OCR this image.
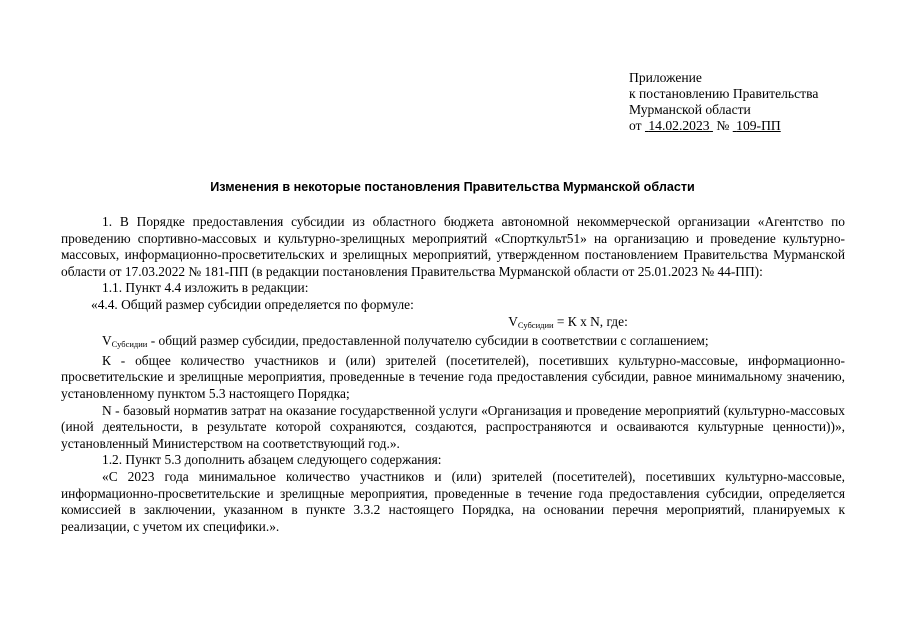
Приложение
к постановлению Правительства
Мурманской области
от 14.02.2023 № 109-ПП
Изменения в некоторые постановления Правительства Мурманской области

1. В Порядке предоставления субсидии из областного бюджета автономной некоммерческой организации «Агентство по проведению спортивно-массовых и культурно-зрелищных мероприятий «Спорткульт51» на организацию и проведение культурно-массовых, информационно-просветительских и зрелищных мероприятий, утвержденном постановлением Правительства Мурманской области от 17.03.2022 № 181-ПП (в редакции постановления Правительства Мурманской области от 25.01.2023 № 44-ПП):

1.1. Пункт 4.4 изложить в редакции:

«4.4. Общий размер субсидии определяется по формуле:

$V_{Субсидии} = К$ x N, где:

$V_{Субсидии}$ - общий размер субсидии, предоставленной получателю субсидии в соответствии с соглашением;

К - общее количество участников и (или) зрителей (посетителей), посетивших культурно-массовые, информационно-просветительские и зрелищные мероприятия, проведенные в течение года предоставления субсидии, равное минимальному значению, установленному пунктом 5.3 настоящего Порядка;

N - базовый норматив затрат на оказание государственной услуги «Организация и проведение мероприятий (культурно-массовых (иной деятельности, в результате которой сохраняются, создаются, распространяются и осваиваются культурные ценности))», установленный Министерством на соответствующий год.».

1.2. Пункт 5.3 дополнить абзацем следующего содержания:

«С 2023 года минимальное количество участников и (или) зрителей (посетителей), посетивших культурно-массовые, информационно-просветительские и зрелищные мероприятия, проведенные в течение года предоставления субсидии, определяется комиссией в заключении, указанном в пункте 3.3.2 настоящего Порядка, на основании перечня мероприятий, планируемых к реализации, с учетом их специфики.».
